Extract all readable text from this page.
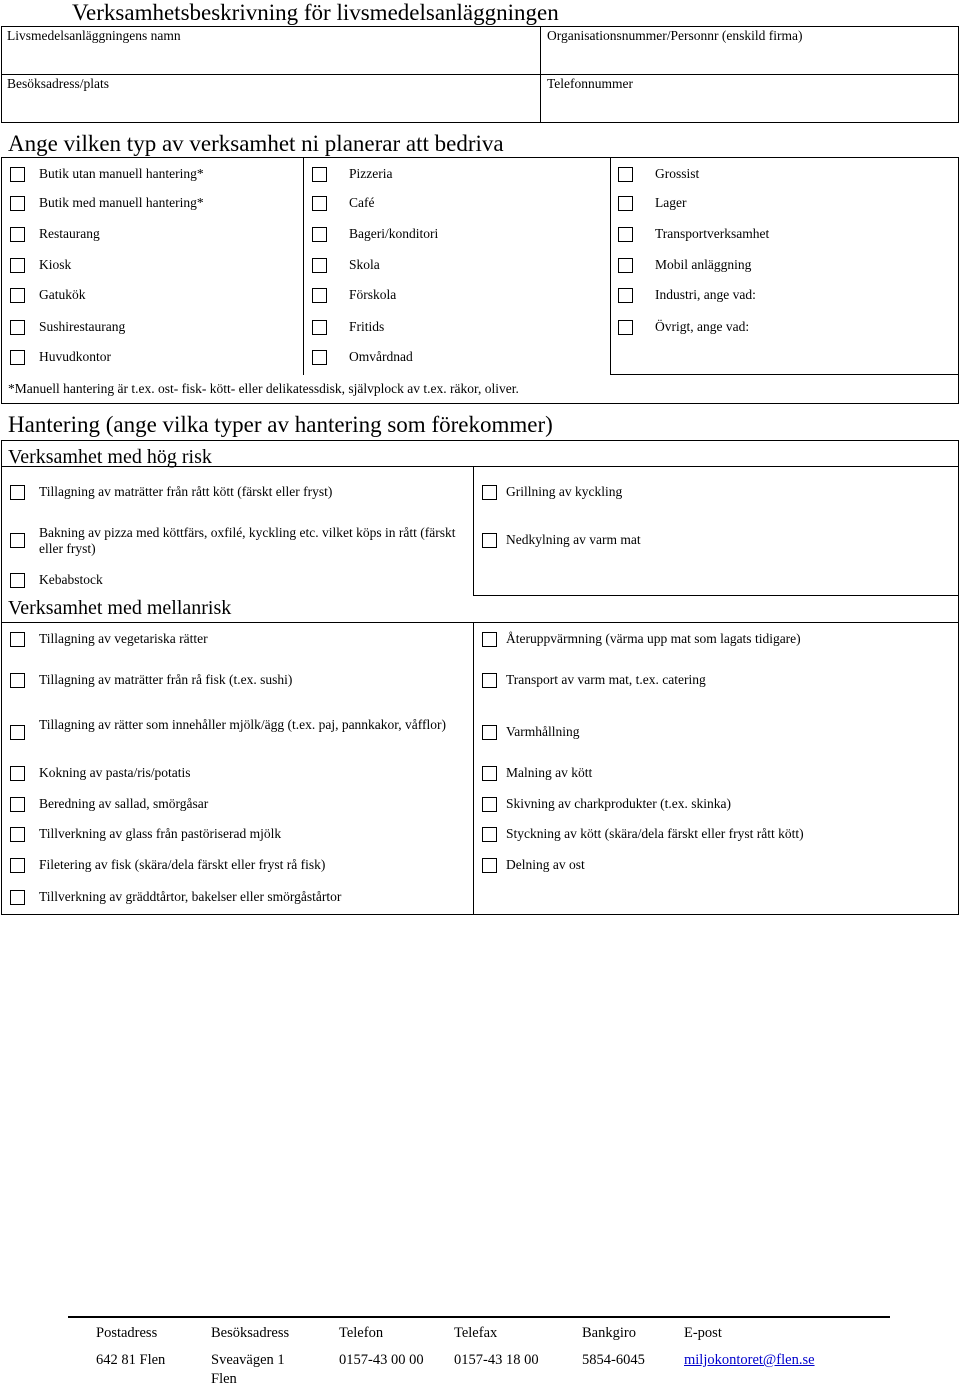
Verksamhetsbeskrivning för livsmedelsanläggningen
Livsmedelsanläggningens namn	Organisationsnummer/Personnr (enskild firma)
Besöksadress/plats	Telefonnummer
Ange vilken typ av verksamhet ni planerar att bedriva
*Manuell hantering är t.ex. ost- fisk- kött- eller delikatessdisk, självplock av t.ex. räkor, oliver.
Butik utan manuell hantering*
Butik med manuell hantering*
Restaurang
Kiosk
Gatukök
Sushirestaurang
Huvudkontor
Pizzeria
Café
Bageri/konditori
Skola
Förskola
Fritids
Omvårdnad
Grossist
Lager
Transportverksamhet
Mobil anläggning
Industri, ange vad:
Övrigt, ange vad:
Hantering (ange vilka typer av hantering som förekommer)
Verksamhet med hög risk
Verksamhet med mellanrisk
Tillagning av maträtter från rått kött (färskt eller fryst)
Bakning av pizza med köttfärs, oxfilé, kyckling etc. vilket köps in rått (färskt eller fryst)
Kebabstock
Grillning av kyckling
Nedkylning av varm mat
Tillagning av vegetariska rätter
Tillagning av maträtter från rå fisk (t.ex. sushi)
Tillagning av rätter som innehåller mjölk/ägg (t.ex. paj, pannkakor, våfflor)
Kokning av pasta/ris/potatis
Beredning av sallad, smörgåsar
Tillverkning av glass från pastöriserad mjölk
Filetering av fisk (skära/dela färskt eller fryst rå fisk)
Tillverkning av gräddtårtor, bakelser eller smörgåstårtor
Återuppvärmning (värma upp mat som lagats tidigare)
Transport av varm mat, t.ex. catering
Varmhållning
Malning av kött
Skivning av charkprodukter (t.ex. skinka)
Styckning av kött (skära/dela färskt eller fryst rått kött)
Delning av ost
Postadress
642 81 Flen
Besöksadress
Sveavägen 1 Flen
Telefon
0157-43 00 00
Telefax
0157-43 18 00
Bankgiro
5854-6045
E-post
miljokontoret@flen.se
